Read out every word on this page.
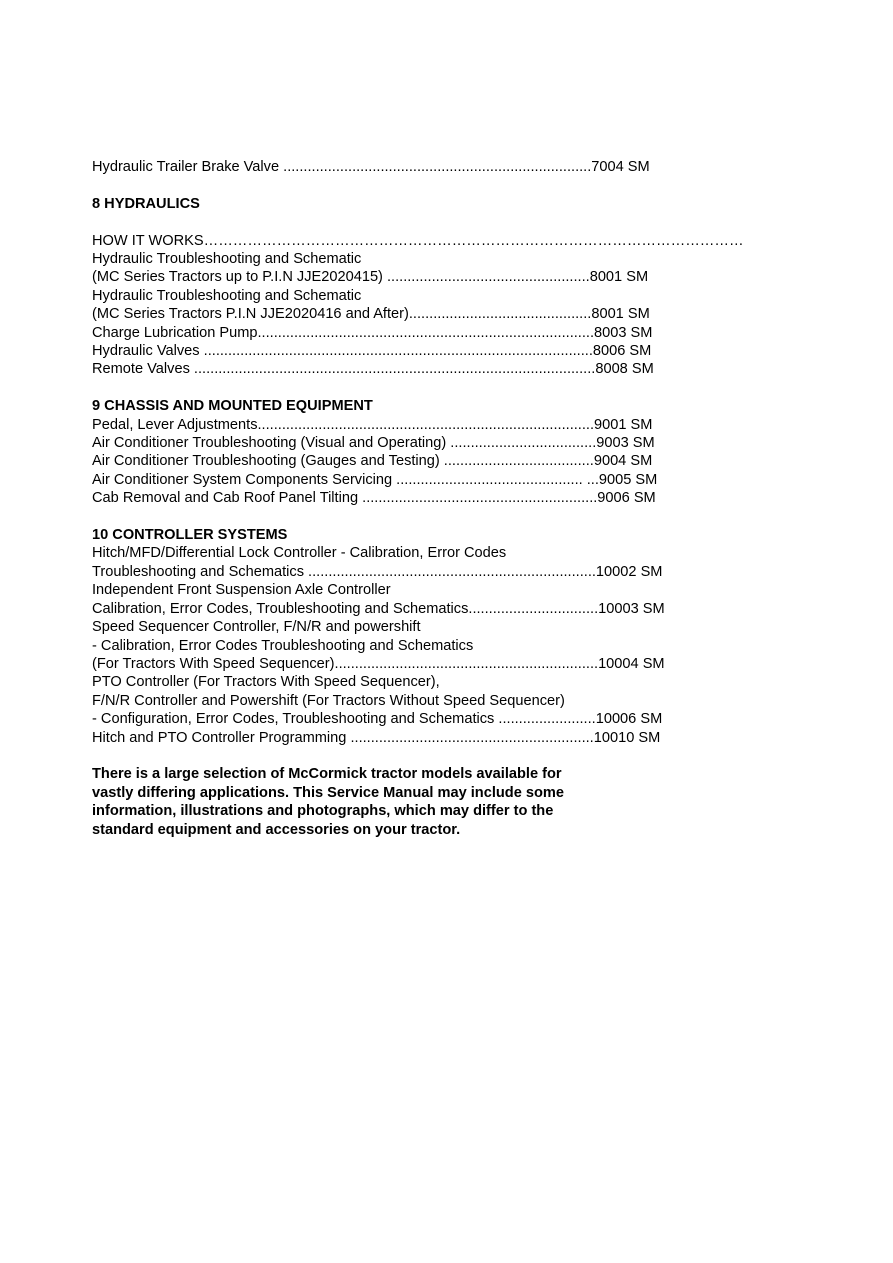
Hydraulic Trailer Brake Valve ............................................................................7004 SM
8 HYDRAULICS
HOW IT WORKS…………………………………………………………………………………………………
Hydraulic Troubleshooting and Schematic
(MC Series Tractors up to P.I.N JJE2020415) ..................................................8001 SM
Hydraulic Troubleshooting and Schematic
(MC Series Tractors P.I.N JJE2020416 and After).............................................8001 SM
Charge Lubrication Pump...................................................................................8003 SM
Hydraulic Valves ................................................................................................8006 SM
Remote Valves ...................................................................................................8008 SM
9 CHASSIS AND MOUNTED EQUIPMENT
Pedal, Lever Adjustments...................................................................................9001 SM
Air Conditioner Troubleshooting (Visual and Operating) ....................................9003 SM
Air Conditioner Troubleshooting (Gauges and Testing) .....................................9004 SM
Air Conditioner System Components Servicing .............................................. ...9005 SM
Cab Removal and Cab Roof Panel Tilting ..........................................................9006 SM
10 CONTROLLER SYSTEMS
Hitch/MFD/Differential Lock Controller - Calibration, Error Codes
Troubleshooting and Schematics .......................................................................10002 SM
Independent Front Suspension Axle Controller
Calibration, Error Codes, Troubleshooting and Schematics................................10003 SM
Speed Sequencer Controller, F/N/R and powershift
- Calibration, Error Codes Troubleshooting and Schematics
(For Tractors With Speed Sequencer).................................................................10004 SM
PTO Controller (For Tractors With Speed Sequencer),
F/N/R Controller and Powershift (For Tractors Without Speed Sequencer)
- Configuration, Error Codes, Troubleshooting and Schematics ........................10006 SM
Hitch and PTO Controller Programming ............................................................10010 SM
There is a large selection of McCormick tractor models available for
vastly differing applications. This Service Manual may include some
information, illustrations and photographs, which may differ to the
standard equipment and accessories on your tractor.
